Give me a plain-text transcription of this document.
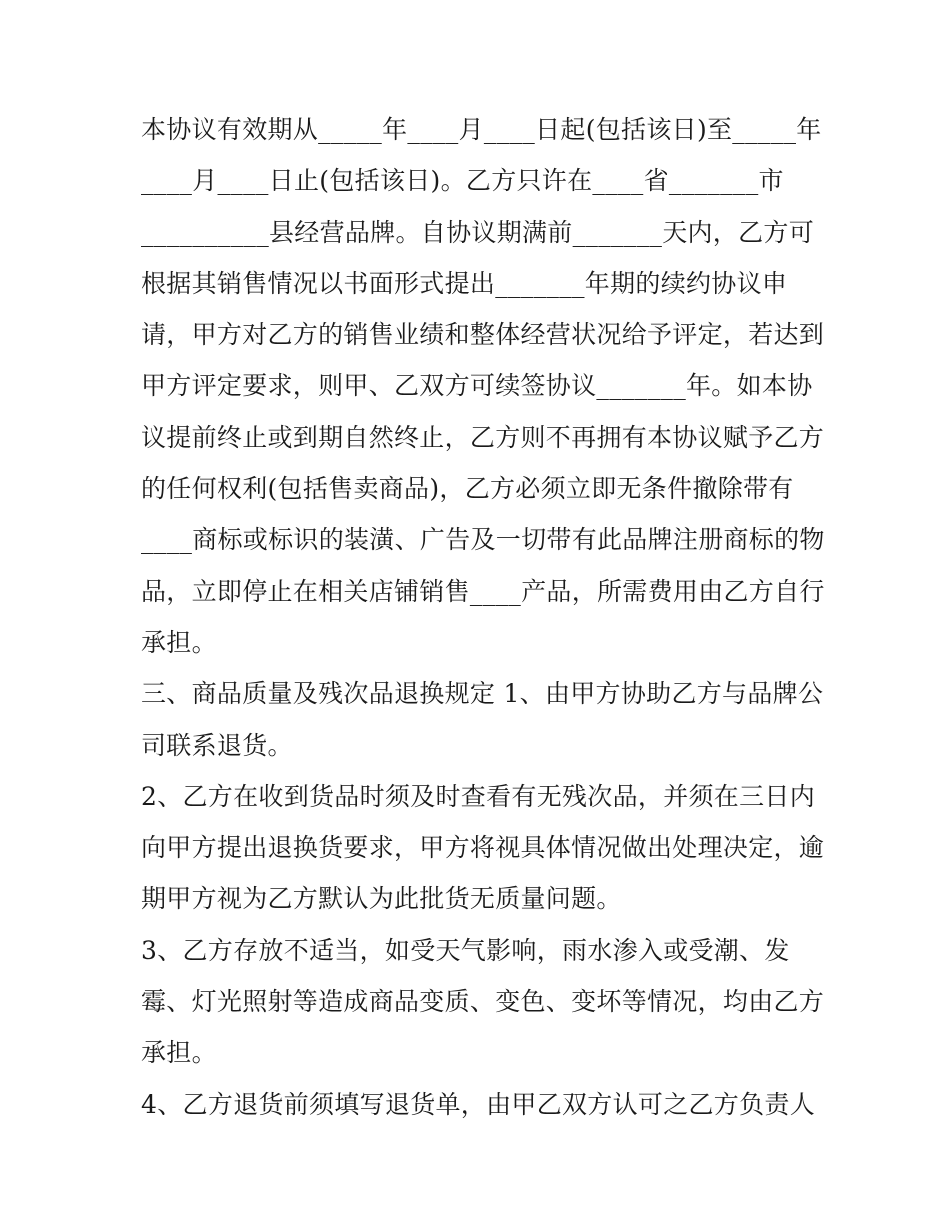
本协议有效期从_____年____月____日起(包括该日)至_____年
____月____日止(包括该日)。乙方只许在____省_______市
__________县经营品牌。自协议期满前_______天内，乙方可
根据其销售情况以书面形式提出_______年期的续约协议申
请，甲方对乙方的销售业绩和整体经营状况给予评定，若达到
甲方评定要求，则甲、乙双方可续签协议_______年。如本协
议提前终止或到期自然终止，乙方则不再拥有本协议赋予乙方
的任何权利(包括售卖商品)，乙方必须立即无条件撤除带有
____商标或标识的装潢、广告及一切带有此品牌注册商标的物
品，立即停止在相关店铺销售____产品，所需费用由乙方自行
承担。
三、商品质量及残次品退换规定 1、由甲方协助乙方与品牌公
司联系退货。
2、乙方在收到货品时须及时查看有无残次品，并须在三日内
向甲方提出退换货要求，甲方将视具体情况做出处理决定，逾
期甲方视为乙方默认为此批货无质量问题。
3、乙方存放不适当，如受天气影响，雨水渗入或受潮、发
霉、灯光照射等造成商品变质、变色、变坏等情况，均由乙方
承担。
4、乙方退货前须填写退货单，由甲乙双方认可之乙方负责人
